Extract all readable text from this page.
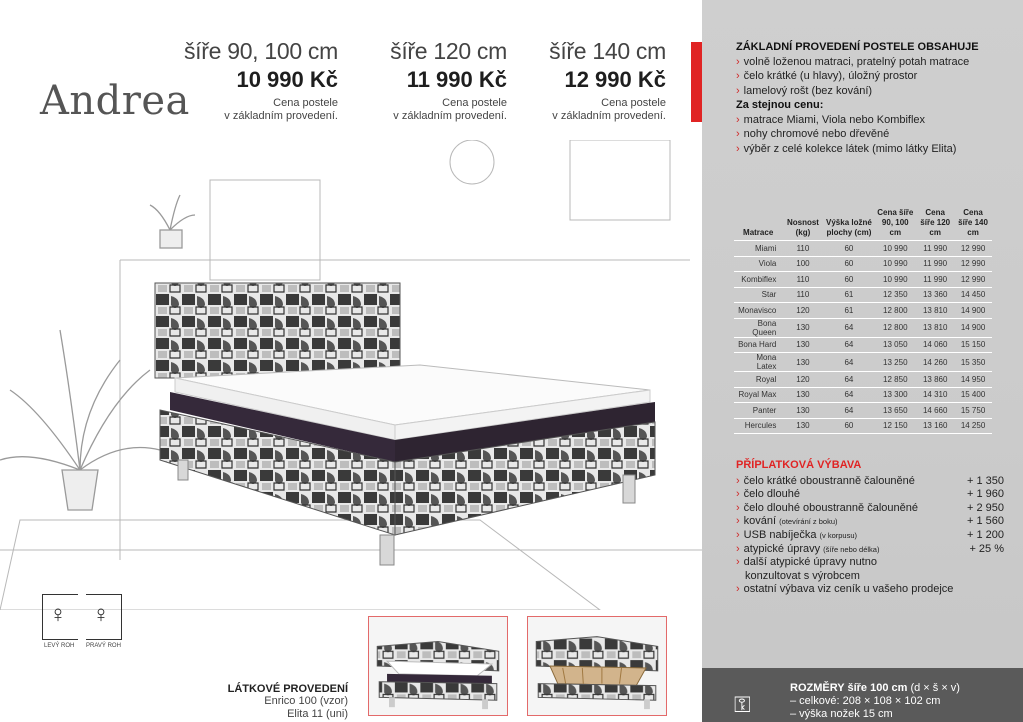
Andrea
šíře 90, 100 cm
10 990 Kč
Cena postele
v základním provedení.
šíře 120 cm
11 990 Kč
Cena postele
v základním provedení.
šíře 140 cm
12 990 Kč
Cena postele
v základním provedení.
♀ ♀
LEVÝ ROH PRAVÝ ROH
LÁTKOVÉ PROVEDENÍ
Enrico 100 (vzor)
Elita 11 (uni)
ZÁKLADNÍ PROVEDENÍ POSTELE OBSAHUJE
› volně loženou matraci, pratelný potah matrace
› čelo krátké (u hlavy), úložný prostor
› lamelový rošt (bez kování)
Za stejnou cenu:
› matrace Miami, Viola nebo Kombiflex
› nohy chromové nebo dřevěné
› výběr z celé kolekce látek (mimo látky Elita)
Matrace	Nosnost (kg)	Výška ložné plochy (cm)	Cena šíře 90, 100 cm	Cena šíře 120 cm	Cena šíře 140 cm
Miami	110	60	10 990	11 990	12 990
Viola	100	60	10 990	11 990	12 990
Kombiflex	110	60	10 990	11 990	12 990
Star	110	61	12 350	13 360	14 450
Monavisco	120	61	12 800	13 810	14 900
Bona Queen	130	64	12 800	13 810	14 900
Bona Hard	130	64	13 050	14 060	15 150
Mona Latex	130	64	13 250	14 260	15 350
Royal	120	64	12 850	13 860	14 950
Royal Max	130	64	13 300	14 310	15 400
Panter	130	64	13 650	14 660	15 750
Hercules	130	60	12 150	13 160	14 250
PŘÍPLATKOVÁ VÝBAVA
› čelo krátké oboustranně čalouněné	+ 1 350
› čelo dlouhé	+ 1 960
› čelo dlouhé oboustranně čalouněné	+ 2 950
› kování (otevírání z boku)	+ 1 560
› USB nabíječka (v korpusu)	+ 1 200
› atypické úpravy (šíře nebo délka)	+ 25 %
› další atypické úpravy nutno
konzultovat s výrobcem
› ostatní výbava viz ceník u vašeho prodejce
⚿
ROZMĚRY šíře 100 cm (d × š × v)
– celkové: 208 × 108 × 102 cm
– výška nožek 15 cm
